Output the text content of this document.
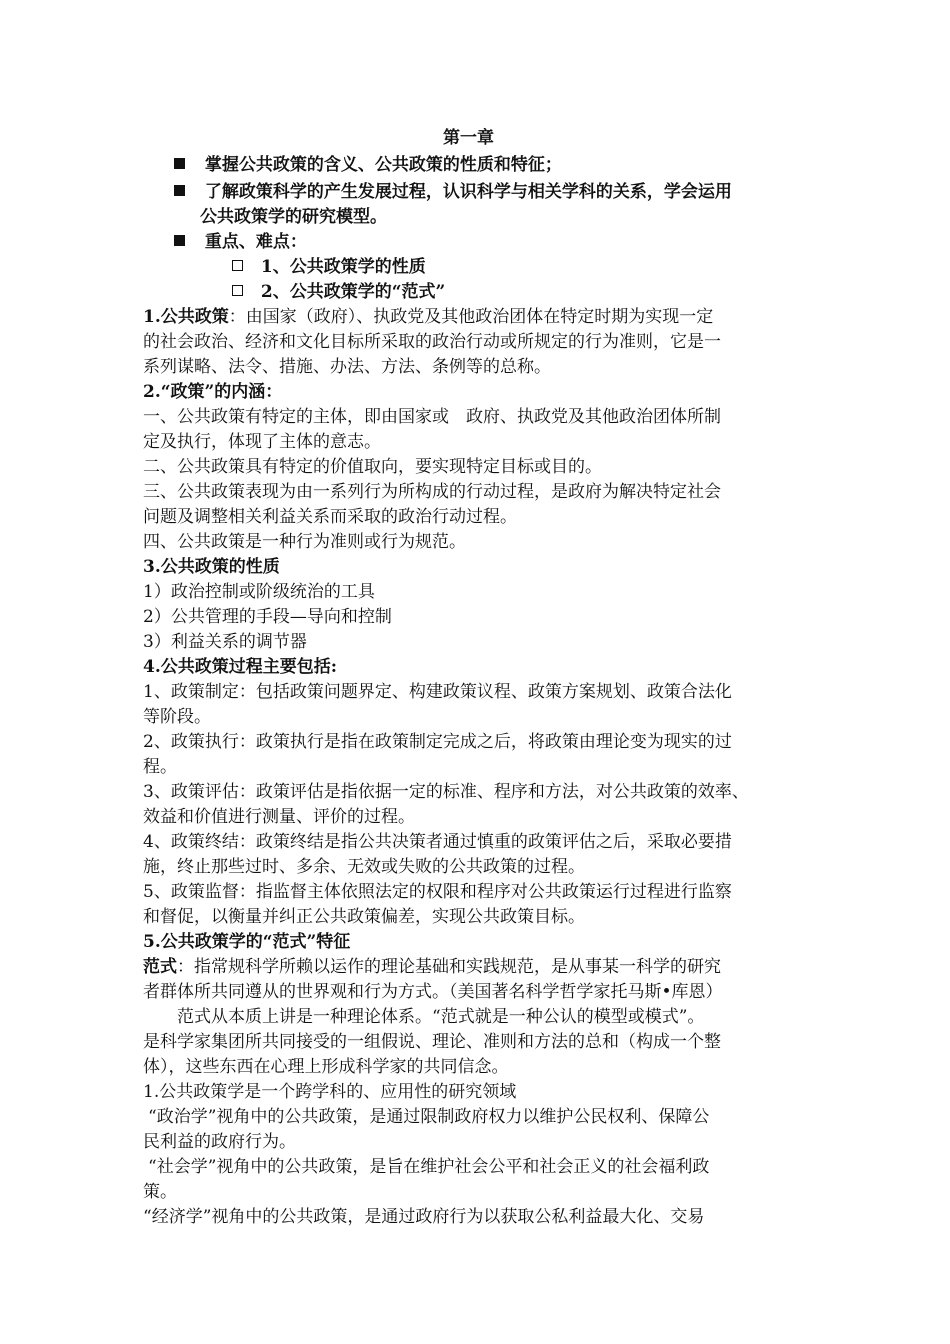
第一章
掌握公共政策的含义、公共政策的性质和特征；
了解政策科学的产生发展过程，认识科学与相关学科的关系，学会运用
公共政策学的研究模型。
重点、难点：
1、公共政策学的性质
2、公共政策学的“范式”
1.公共政策：由国家（政府）、执政党及其他政治团体在特定时期为实现一定
的社会政治、经济和文化目标所采取的政治行动或所规定的行为准则，它是一
系列谋略、法令、措施、办法、方法、条例等的总称。
2.“政策”的内涵：
一、公共政策有特定的主体，即由国家或　政府、执政党及其他政治团体所制
定及执行，体现了主体的意志。
二、公共政策具有特定的价值取向，要实现特定目标或目的。
三、公共政策表现为由一系列行为所构成的行动过程，是政府为解决特定社会
问题及调整相关利益关系而采取的政治行动过程。
四、公共政策是一种行为准则或行为规范。
3.公共政策的性质
1）政治控制或阶级统治的工具
2）公共管理的手段—导向和控制
3）利益关系的调节器
4.公共政策过程主要包括:
1、政策制定：包括政策问题界定、构建政策议程、政策方案规划、政策合法化
等阶段。
2、政策执行：政策执行是指在政策制定完成之后，将政策由理论变为现实的过
程。
3、政策评估：政策评估是指依据一定的标准、程序和方法，对公共政策的效率、
效益和价值进行测量、评价的过程。
4、政策终结：政策终结是指公共决策者通过慎重的政策评估之后，采取必要措
施，终止那些过时、多余、无效或失败的公共政策的过程。
5、政策监督：指监督主体依照法定的权限和程序对公共政策运行过程进行监察
和督促，以衡量并纠正公共政策偏差，实现公共政策目标。
5.公共政策学的“范式”特征
范式：指常规科学所赖以运作的理论基础和实践规范，是从事某一科学的研究
者群体所共同遵从的世界观和行为方式。（美国著名科学哲学家托马斯•库恩）
范式从本质上讲是一种理论体系。“范式就是一种公认的模型或模式”。
是科学家集团所共同接受的一组假说、理论、准则和方法的总和（构成一个整
体），这些东西在心理上形成科学家的共同信念。
1.公共政策学是一个跨学科的、应用性的研究领域
“政治学”视角中的公共政策，是通过限制政府权力以维护公民权利、保障公
民利益的政府行为。
“社会学”视角中的公共政策，是旨在维护社会公平和社会正义的社会福利政
策。
“经济学”视角中的公共政策，是通过政府行为以获取公私利益最大化、交易
